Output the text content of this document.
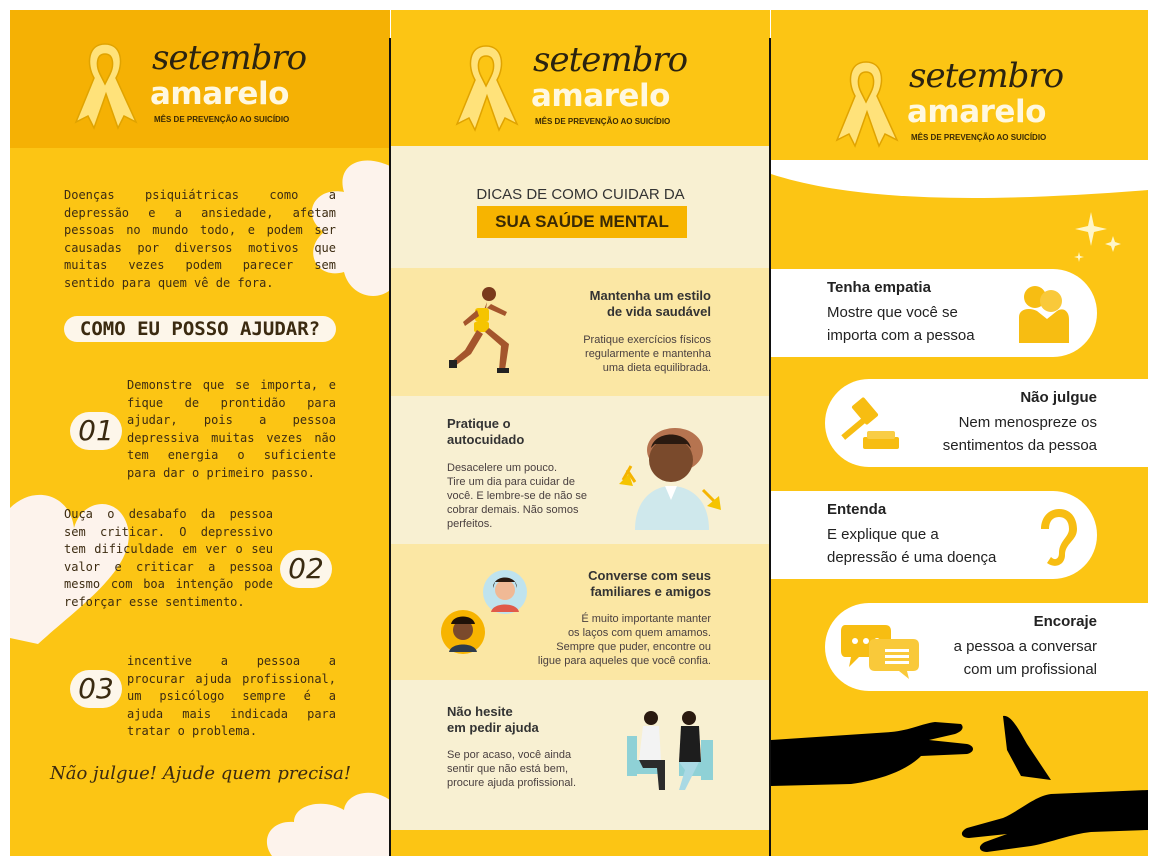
setembro
amarelo
MÊS DE PREVENÇÃO AO SUICÍDIO
Doenças psiquiátricas como a depressão e a ansiedade, afetam pessoas no mundo todo, e podem ser causadas por diversos motivos que muitas vezes podem parecer sem sentido para quem vê de fora.
COMO EU POSSO AJUDAR?
01
Demonstre que se importa, e fique de prontidão para ajudar, pois a pessoa depressiva muitas vezes não tem energia o suficiente para dar o primeiro passo.
Ouça o desabafo da pessoa sem criticar. O depressivo tem dificuldade em ver o seu valor e criticar a pessoa mesmo com boa intenção pode reforçar esse sentimento.
02
03
incentive a pessoa a procurar ajuda profissional, um psicólogo sempre é a ajuda mais indicada para tratar o problema.
Não julgue! Ajude quem precisa!
setembro
amarelo
MÊS DE PREVENÇÃO AO SUICÍDIO
DICAS DE COMO CUIDAR DA
SUA SAÚDE MENTAL
Mantenha um estilo
de vida saudável
Pratique exercícios físicos
regularmente e mantenha
uma dieta equilibrada.
Pratique o
autocuidado
Desacelere um pouco.
Tire um dia para cuidar de
você. E lembre-se de não se
cobrar demais. Não somos
perfeitos.
Converse com seus
familiares e amigos
É muito importante manter
os laços com quem amamos.
Sempre que puder, encontre ou
ligue para aqueles que você confia.
Não hesite
em pedir ajuda
Se por acaso, você ainda
sentir que não está bem,
procure ajuda profissional.
setembro
amarelo
MÊS DE PREVENÇÃO AO SUICÍDIO
Tenha empatia
Mostre que você se
importa com a pessoa
Não julgue
Nem menospreze os
sentimentos da pessoa
Entenda
E explique que a
depressão é uma doença
Encoraje
a pessoa a conversar
com um profissional
